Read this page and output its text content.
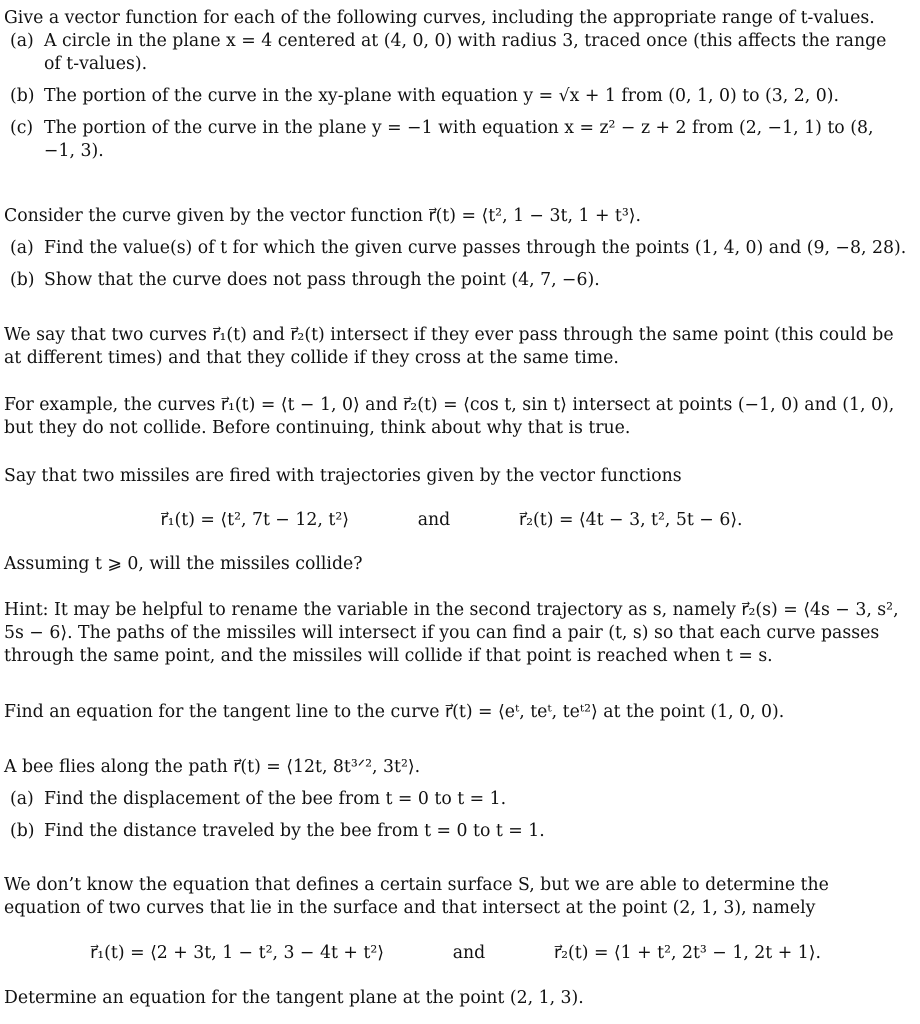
Give a vector function for each of the following curves, including the appropriate range of t-values.

(a) A circle in the plane x = 4 centered at (4, 0, 0) with radius 3, traced once (this affects the range of t-values).
(b) The portion of the curve in the xy-plane with equation y = √x + 1 from (0, 1, 0) to (3, 2, 0).
(c) The portion of the curve in the plane y = −1 with equation x = z² − z + 2 from (2, −1, 1) to (8, −1, 3).

Consider the curve given by the vector function r⃗(t) = ⟨t², 1 − 3t, 1 + t³⟩.

(a) Find the value(s) of t for which the given curve passes through the points (1, 4, 0) and (9, −8, 28).
(b) Show that the curve does not pass through the point (4, 7, −6).

We say that two curves r⃗₁(t) and r⃗₂(t) intersect if they ever pass through the same point (this could be at different times) and that they collide if they cross at the same time.

For example, the curves r⃗₁(t) = ⟨t − 1, 0⟩ and r⃗₂(t) = ⟨cos t, sin t⟩ intersect at points (−1, 0) and (1, 0), but they do not collide. Before continuing, think about why that is true.

Say that two missiles are fired with trajectories given by the vector functions

r⃗₁(t) = ⟨t², 7t − 12, t²⟩	and	r⃗₂(t) = ⟨4t − 3, t², 5t − 6⟩.

Assuming t ⩾ 0, will the missiles collide?

Hint: It may be helpful to rename the variable in the second trajectory as s, namely r⃗₂(s) = ⟨4s − 3, s², 5s − 6⟩. The paths of the missiles will intersect if you can find a pair (t, s) so that each curve passes through the same point, and the missiles will collide if that point is reached when t = s.

Find an equation for the tangent line to the curve r⃗(t) = ⟨eᵗ, teᵗ, teᵗ²⟩ at the point (1, 0, 0).

A bee flies along the path r⃗(t) = ⟨12t, 8t³ᐟ², 3t²⟩.

(a) Find the displacement of the bee from t = 0 to t = 1.
(b) Find the distance traveled by the bee from t = 0 to t = 1.

We don’t know the equation that defines a certain surface S, but we are able to determine the equation of two curves that lie in the surface and that intersect at the point (2, 1, 3), namely

r⃗₁(t) = ⟨2 + 3t, 1 − t², 3 − 4t + t²⟩	and	r⃗₂(t) = ⟨1 + t², 2t³ − 1, 2t + 1⟩.

Determine an equation for the tangent plane at the point (2, 1, 3).
